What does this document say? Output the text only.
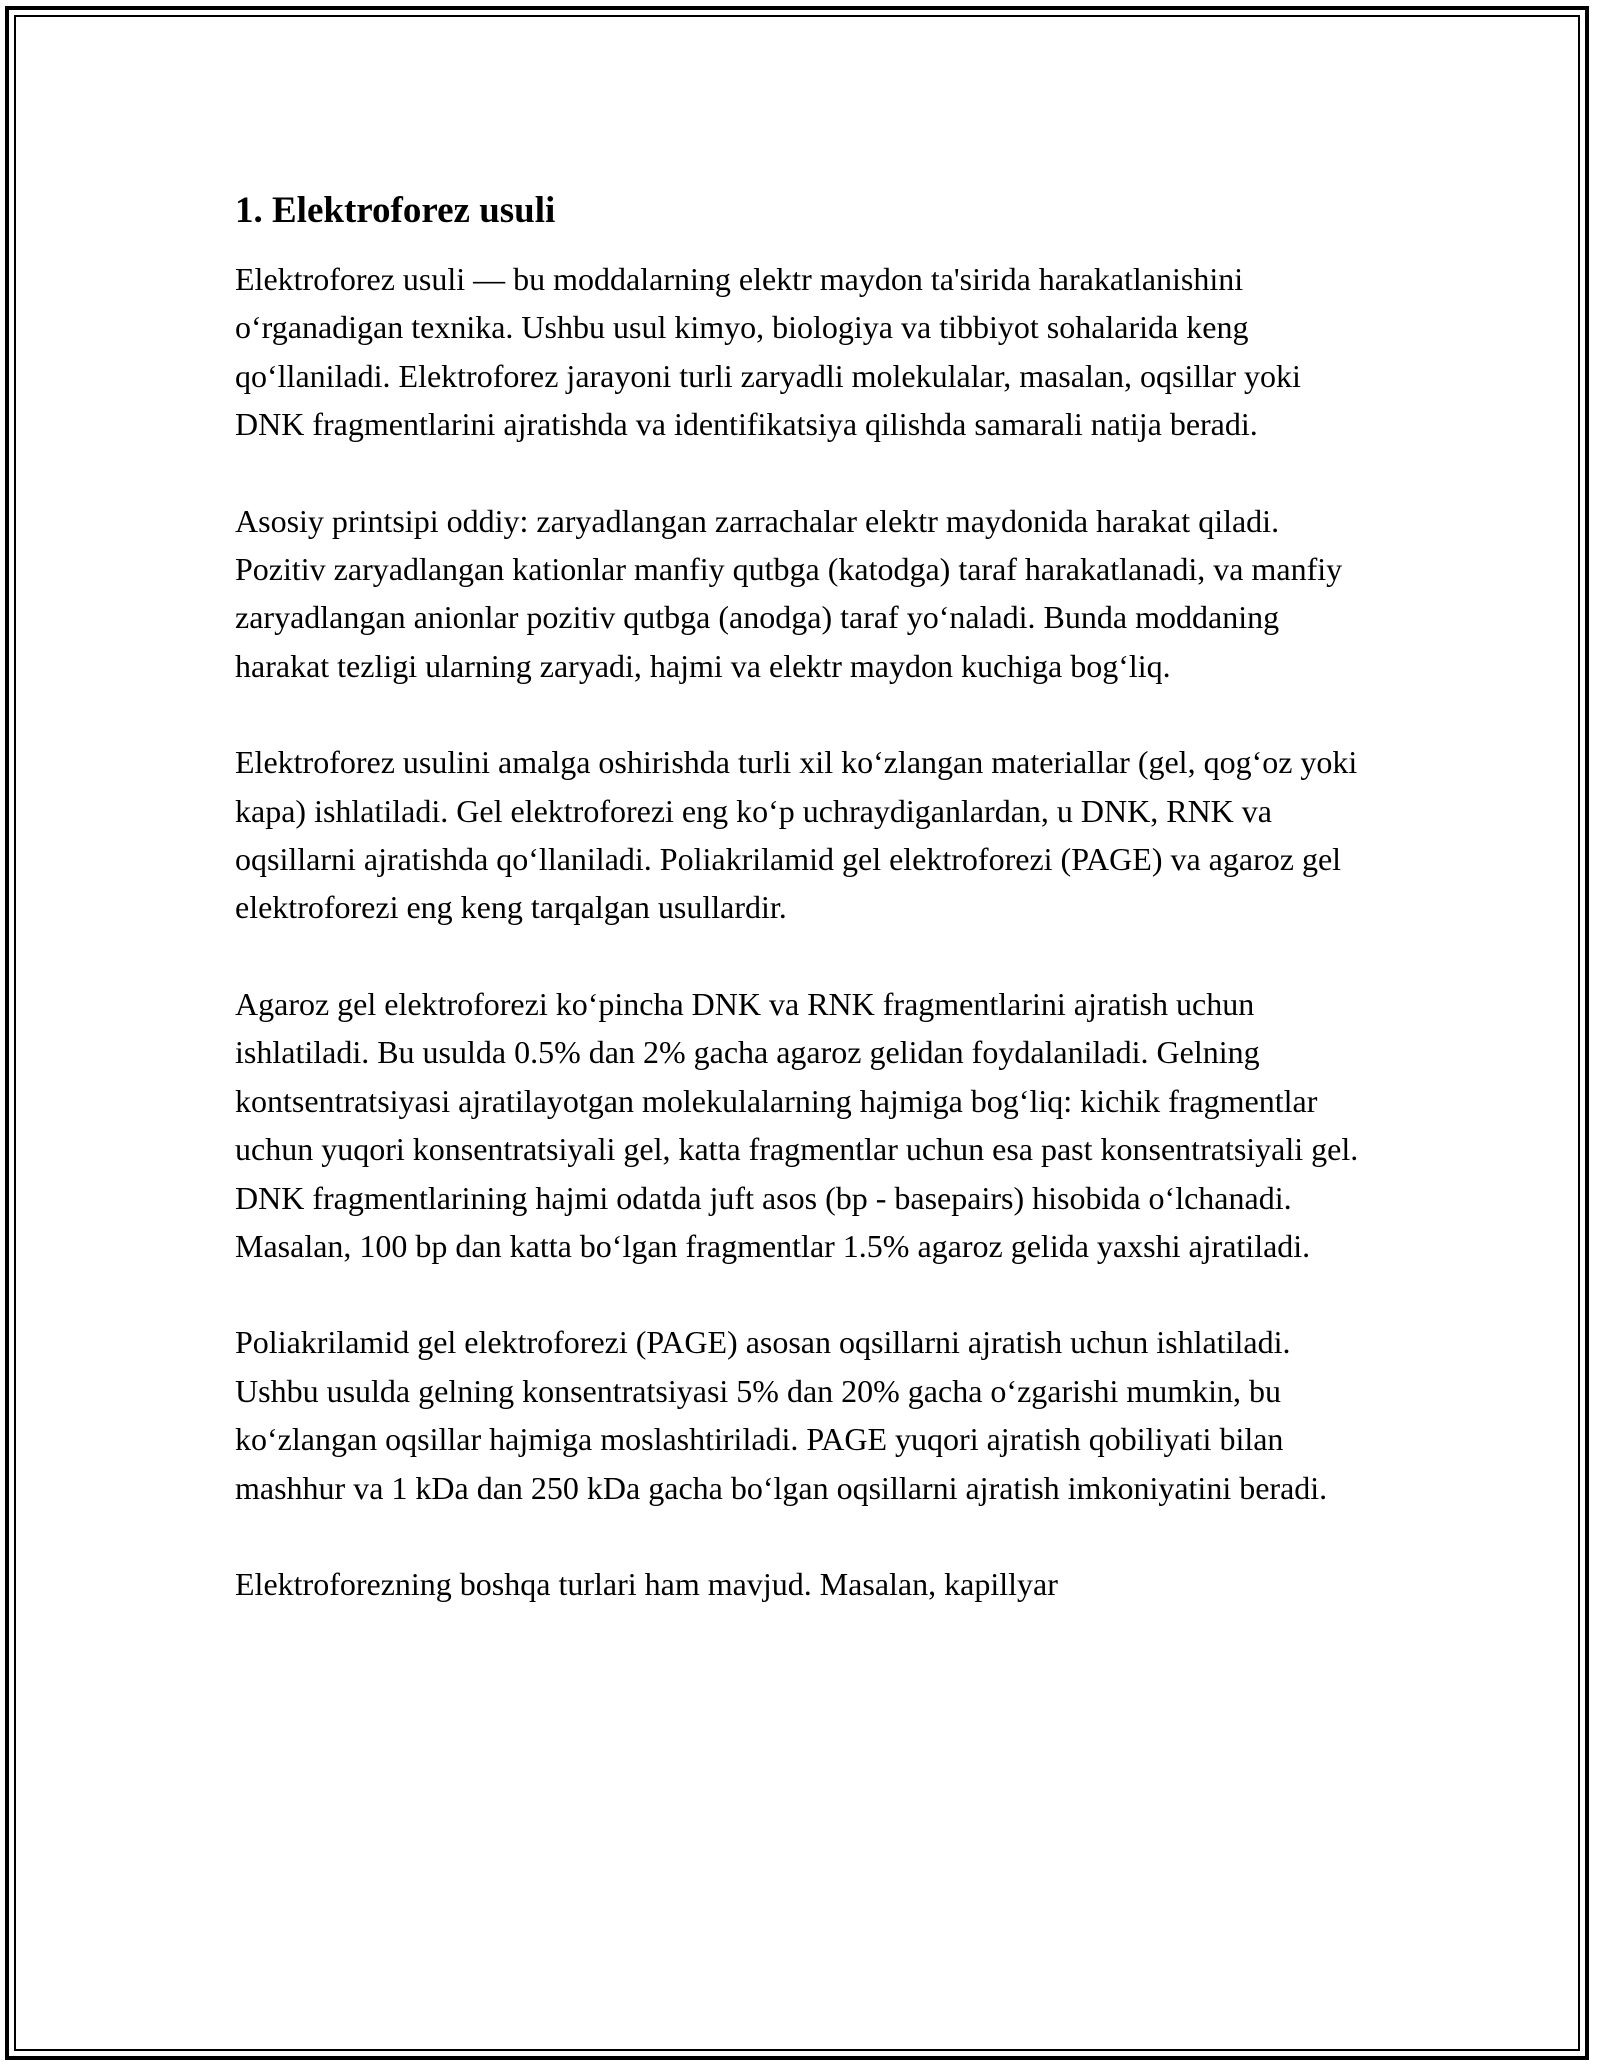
1. Elektroforez usuli

Elektroforez usuli — bu moddalarning elektr maydon ta'sirida harakatlanishini o‘rganadigan texnika. Ushbu usul kimyo, biologiya va tibbiyot sohalarida keng qo‘llaniladi. Elektroforez jarayoni turli zaryadli molekulalar, masalan, oqsillar yoki DNK fragmentlarini ajratishda va identifikatsiya qilishda samarali natija beradi.

Asosiy printsipi oddiy: zaryadlangan zarrachalar elektr maydonida harakat qiladi. Pozitiv zaryadlangan kationlar manfiy qutbga (katodga) taraf harakatlanadi, va manfiy zaryadlangan anionlar pozitiv qutbga (anodga) taraf yo‘naladi. Bunda moddaning harakat tezligi ularning zaryadi, hajmi va elektr maydon kuchiga bog‘liq.

Elektroforez usulini amalga oshirishda turli xil ko‘zlangan materiallar (gel, qog‘oz yoki kapa) ishlatiladi. Gel elektroforezi eng ko‘p uchraydiganlardan, u DNK, RNK va oqsillarni ajratishda qo‘llaniladi. Poliakrilamid gel elektroforezi (PAGE) va agaroz gel elektroforezi eng keng tarqalgan usullardir.

Agaroz gel elektroforezi ko‘pincha DNK va RNK fragmentlarini ajratish uchun ishlatiladi. Bu usulda 0.5% dan 2% gacha agaroz gelidan foydalaniladi. Gelning kontsentratsiyasi ajratilayotgan molekulalarning hajmiga bog‘liq: kichik fragmentlar uchun yuqori konsentratsiyali gel, katta fragmentlar uchun esa past konsentratsiyali gel. DNK fragmentlarining hajmi odatda juft asos (bp - basepairs) hisobida o‘lchanadi. Masalan, 100 bp dan katta bo‘lgan fragmentlar 1.5% agaroz gelida yaxshi ajratiladi.

Poliakrilamid gel elektroforezi (PAGE) asosan oqsillarni ajratish uchun ishlatiladi. Ushbu usulda gelning konsentratsiyasi 5% dan 20% gacha o‘zgarishi mumkin, bu ko‘zlangan oqsillar hajmiga moslashtiriladi. PAGE yuqori ajratish qobiliyati bilan mashhur va 1 kDa dan 250 kDa gacha bo‘lgan oqsillarni ajratish imkoniyatini beradi.

Elektroforezning boshqa turlari ham mavjud. Masalan, kapillyar
